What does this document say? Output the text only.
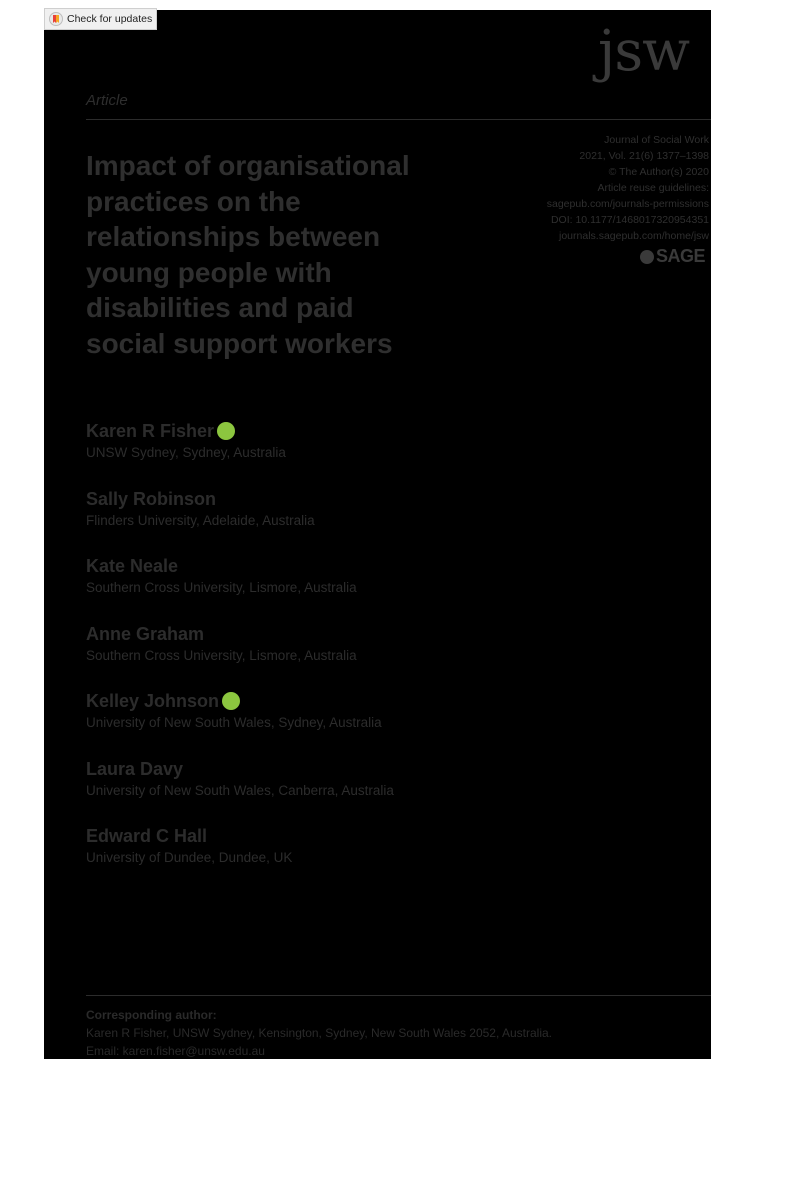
jsw
Article
Journal of Social Work
2021, Vol. 21(6) 1377–1398
© The Author(s) 2020
Article reuse guidelines:
sagepub.com/journals-permissions
DOI: 10.1177/1468017320954351
journals.sagepub.com/home/jsw
SAGE
Impact of organisational
practices on the
relationships between
young people with
disabilities and paid
social support workers
Karen R Fisher
UNSW Sydney, Sydney, Australia
Sally Robinson
Flinders University, Adelaide, Australia
Kate Neale
Southern Cross University, Lismore, Australia
Anne Graham
Southern Cross University, Lismore, Australia
Kelley Johnson
University of New South Wales, Sydney, Australia
Laura Davy
University of New South Wales, Canberra, Australia
Edward C Hall
University of Dundee, Dundee, UK
Corresponding author:
Karen R Fisher, UNSW Sydney, Kensington, Sydney, New South Wales 2052, Australia.
Email: karen.fisher@unsw.edu.au
Check for updates
